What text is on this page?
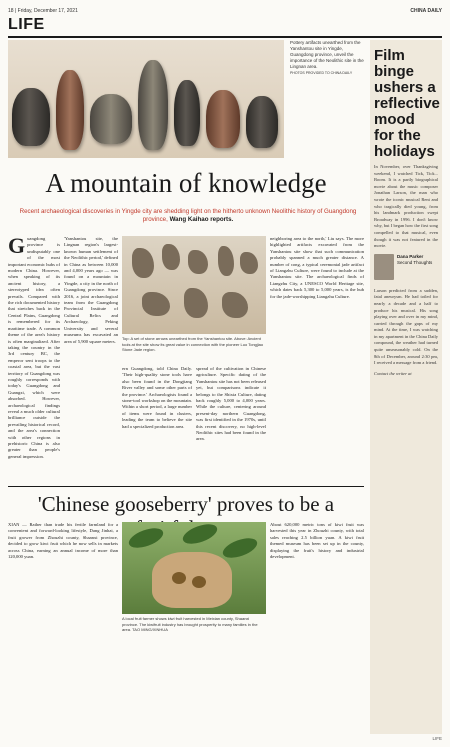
18 | Friday, December 17, 2021	CHINA DAILY
LIFE
Pottery artifacts unearthed from the Yanshantou site in Yingde, Guangdong province, unveil the importance of the Neolithic site in the Lingnan area.
PHOTOS PROVIDED TO CHINA DAILY
A mountain of knowledge
Recent archaeological discoveries in Yingde city are shedding light on the hitherto unknown Neolithic history of Guangdong province, Wang Kaihao reports.
Guangdong province is undisputably one of the most important economic hubs of modern China. However, when speaking of its ancient history, a stereotyped idea often prevails. Compared with the rich documented history that stretches back in the Central Plains, Guangdong is remembered for its maritime trade. A common theme of the area's history is often marginalized. After taking the country in the 3rd century BC, the emperor sent troops to the coastal area, but the vast territory of Guangdong was roughly corresponds with today's Guangdong and Guangxi, which were absorbed. However, archaeological findings reveal a much older cultural brilliance outside the prevailing historical record, and the area's connection with other regions in prehistoric China is also greater than people's general impression.
'Yanshantou site, the Lingnan region's largest-known human settlement of the Neolithic period,' defined in China as between 10,000 and 4,000 years ago — was found on a mountain in Yingde, a city in the north of Guangdong province. Since 2016, a joint archaeological team from the Guangdong Provincial Institute of Cultural Relics and Archaeology, Peking University and several museums has excavated an area of 5,900 square meters.	Top: A set of stone arrows unearthed from the Yanshantou site. Above: Ancient tools at the site show its great value in connection with the pioneer Luo Tongjiao Stone Jade region.
ern Guangdong, told China Daily. 'Their high-quality stone tools have also been found in the Dongjiang River valley and some other parts of the province.' Archaeologists found a stone-tool workshop on the mountain. Within a short period, a large number of items were found in clusters, leading the team to believe the site had a specialized production area.
spread of the cultivation in Chinese agriculture. Specific dating of the Yanshantou site has not been released yet, but comparisons indicate it belongs to the Shixia Culture, dating back roughly 5,000 to 4,000 years. While the culture, centering around present-day northern Guangdong, was first identified in the 1970s, until this recent discovery, no high-level Neolithic sites had been found in the area.
neighboring area to the north,' Liu says. The more highlighted artifacts excavated from the Yanshantou site show that such communication probably spanned a much greater distance. A number of cong, a typical ceremonial jade artifact of Liangzhu Culture, were found to include at the Yanshantou site. The archaeological finds of Liangzhu City, a UNESCO World Heritage site, which dates back 5,300 to 5,000 years, is the hub for the jade-worshipping Liangzhu Culture.
'Chinese gooseberry' proves to be a
XIAN — Rather than trade his fertile farmland for a convenient and forward-looking lifestyle, Dang Jinhai, a fruit grower from Zhouzhi county, Shaanxi province, decided to grow kiwi fruit which he now sells in markets across China, earning an annual income of more than 120,000 yuan.
A local fruit farmer shows kiwi fruit harvested in Meixian county, Shaanxi province. The kiwifruit industry has brought prosperity to many families in the area. TAO MING/XINHUA
About 620,000 metric tons of kiwi fruit was harvested this year in Zhouzhi county, with total sales reaching 2.5 billion yuan. A kiwi fruit themed museum has been set up in the county, displaying the fruit's history and industrial development.
Film binge ushers a reflective mood for the holidays
In November, over Thanksgiving weekend, I watched Tick, Tick... Boom. It is a partly biographical movie about the music composer Jonathan Larson, the man who wrote the iconic musical Rent and who tragically died young, from his landmark production swept Broadway in 1996. I don't know why, but I began how the first song compelled to that musical, even though it was not featured in the movie.
Dana Parker
Second Thoughts
Larson predicted from a sudden, fatal aneurysm. He had toiled for nearly a decade and a half to produce his musical. His song playing over and over in my mind, carried through the gaps of my mind. At the time, I was watching in my apartment in the China Daily compound, the weather had turned quite unseasonably cold. On the 8th of December, around 2:30 pm, I received a message from a friend.
Contact the writer at
LIFE
